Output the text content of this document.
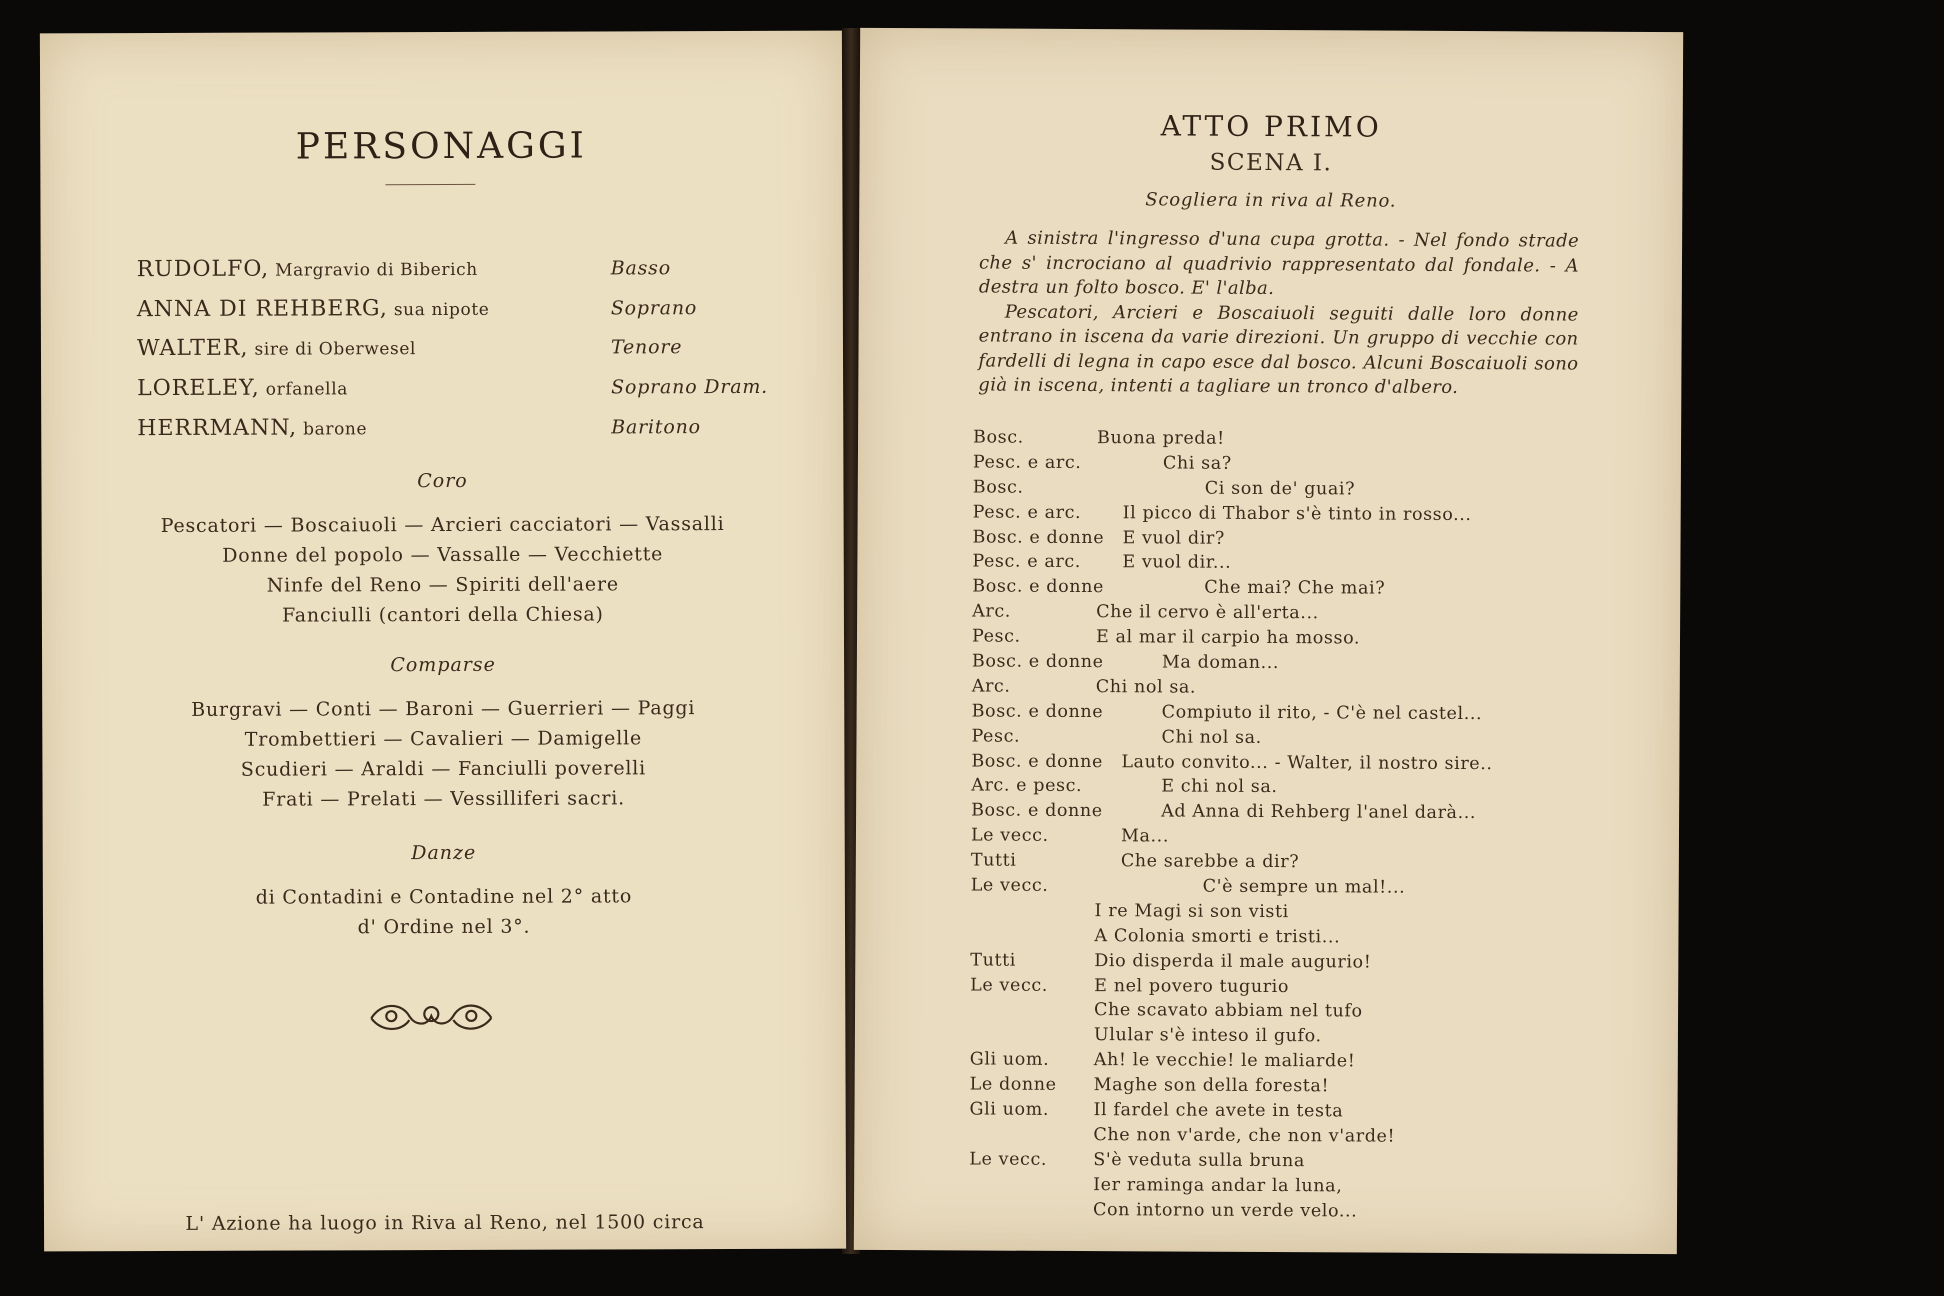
PERSONAGGI
RUDOLFO, Margravio di Biberich	Basso
ANNA DI REHBERG, sua nipote	Soprano
WALTER, sire di Oberwesel	Tenore
LORELEY, orfanella	Soprano Dram.
HERRMANN, barone	Baritono
Coro
Pescatori — Boscaiuoli — Arcieri cacciatori — Vassalli
Donne del popolo — Vassalle — Vecchiette
Ninfe del Reno — Spiriti dell'aere
Fanciulli (cantori della Chiesa)
Comparse
Burgravi — Conti — Baroni — Guerrieri — Paggi
Trombettieri — Cavalieri — Damigelle
Scudieri — Araldi — Fanciulli poverelli
Frati — Prelati — Vessilliferi sacri.
Danze
di Contadini e Contadine nel 2° atto
d' Ordine nel 3°.
L' Azione ha luogo in Riva al Reno, nel 1500 circa
ATTO PRIMO
SCENA I.
Scogliera in riva al Reno.

A sinistra l'ingresso d'una cupa grotta. - Nel fondo strade che s' incrociano al quadrivio rappresentato dal fondale. - A destra un folto bosco. E' l'alba.

Pescatori, Arcieri e Boscaiuoli seguiti dalle loro donne entrano in iscena da varie direzioni. Un gruppo di vecchie con fardelli di legna in capo esce dal bosco. Alcuni Boscaiuoli sono già in iscena, intenti a tagliare un tronco d'albero.

Bosc.	Buona preda!
Pesc. e arc.	Chi sa?
Bosc.	Ci son de' guai?
Pesc. e arc. Il picco di Thabor s'è tinto in rosso...
Bosc. e donne E vuol dir?
Pesc. e arc. E vuol dir...
Bosc. e donne	Che mai? Che mai?
Arc.	Che il cervo è all'erta...
Pesc.	E al mar il carpio ha mosso.
Bosc. e donne	Ma doman...
Arc.	Chi nol sa.
Bosc. e donne	Compiuto il rito, - C'è nel castel...
Pesc.	Chi nol sa.
Bosc. e donne Lauto convito... - Walter, il nostro sire..
Arc. e pesc.	E chi nol sa.
Bosc. e donne	Ad Anna di Rehberg l'anel darà...
Le vecc.	Ma...
Tutti	Che sarebbe a dir?
Le vecc.	C'è sempre un mal!...
I re Magi si son visti
A Colonia smorti e tristi...
Tutti	Dio disperda il male augurio!
Le vecc.	E nel povero tugurio
Che scavato abbiam nel tufo
Ulular s'è inteso il gufo.
Gli uom.	Ah! le vecchie! le maliarde!
Le donne Maghe son della foresta!
Gli uom.	Il fardel che avete in testa
Che non v'arde, che non v'arde!
Le vecc.	S'è veduta sulla bruna
Ier raminga andar la luna,
Con intorno un verde velo...
